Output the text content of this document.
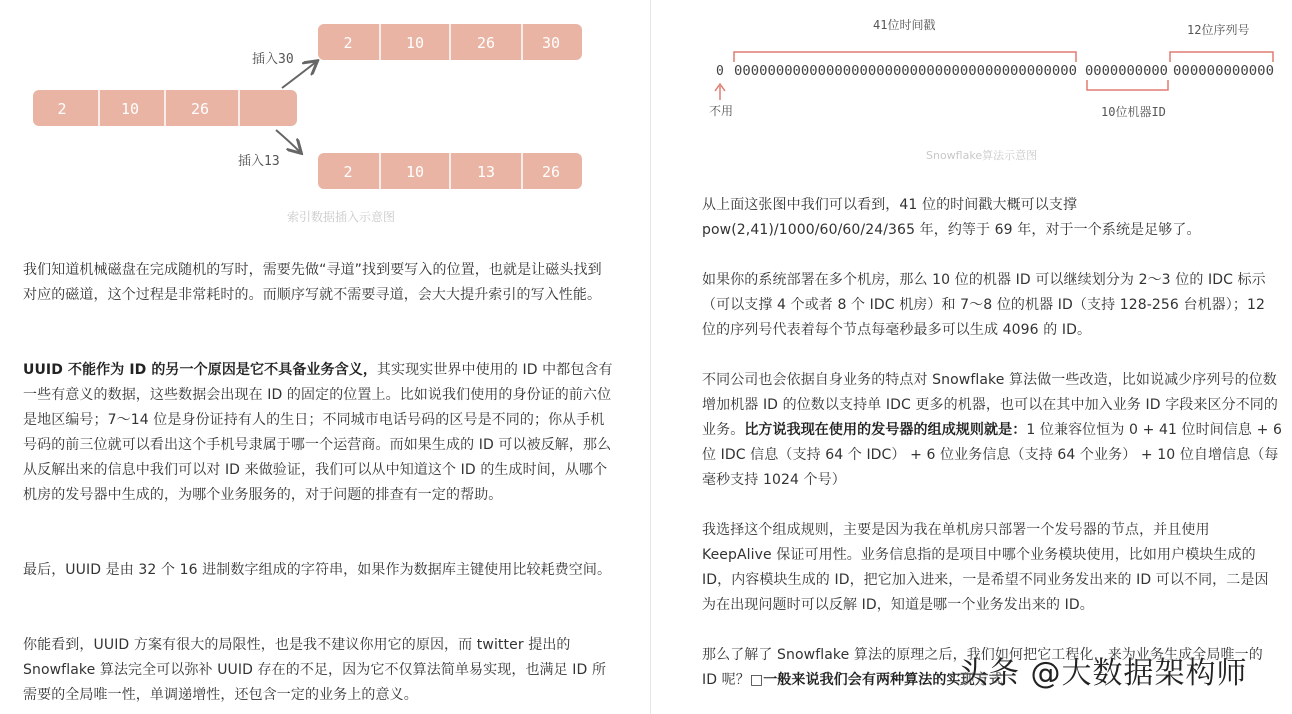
2	10	26
2	10	26	30
2	10	13	26
插入30
插入13
索引数据插入示意图

我们知道机械磁盘在完成随机的写时，需要先做“寻道”找到要写入的位置，也就是让磁头找到对应的磁道，这个过程是非常耗时的。而顺序写就不需要寻道，会大大提升索引的写入性能。

UUID 不能作为 ID 的另一个原因是它不具备业务含义，其实现实世界中使用的 ID 中都包含有一些有意义的数据，这些数据会出现在 ID 的固定的位置上。比如说我们使用的身份证的前六位是地区编号；7～14 位是身份证持有人的生日；不同城市电话号码的区号是不同的；你从手机号码的前三位就可以看出这个手机号隶属于哪一个运营商。而如果生成的 ID 可以被反解，那么从反解出来的信息中我们可以对 ID 来做验证，我们可以从中知道这个 ID 的生成时间，从哪个机房的发号器中生成的，为哪个业务服务的，对于问题的排查有一定的帮助。

最后，UUID 是由 32 个 16 进制数字组成的字符串，如果作为数据库主键使用比较耗费空间。

你能看到，UUID 方案有很大的局限性，也是我不建议你用它的原因，而 twitter 提出的 Snowflake 算法完全可以弥补 UUID 存在的不足，因为它不仅算法简单易实现，也满足 ID 所需要的全局唯一性，单调递增性，还包含一定的业务上的意义。

41位时间戳	12位序列号
0 00000000000000000000000000000000000000000 0000000000 000000000000
不用	10位机器ID
Snowflake算法示意图

从上面这张图中我们可以看到，41 位的时间戳大概可以支撑 pow(2,41)/1000/60/60/24/365 年，约等于 69 年，对于一个系统是足够了。

如果你的系统部署在多个机房，那么 10 位的机器 ID 可以继续划分为 2～3 位的 IDC 标示（可以支撑 4 个或者 8 个 IDC 机房）和 7～8 位的机器 ID（支持 128-256 台机器）；12 位的序列号代表着每个节点每毫秒最多可以生成 4096 的 ID。

不同公司也会依据自身业务的特点对 Snowflake 算法做一些改造，比如说减少序列号的位数增加机器 ID 的位数以支持单 IDC 更多的机器，也可以在其中加入业务 ID 字段来区分不同的业务。比方说我现在使用的发号器的组成规则就是：1 位兼容位恒为 0 + 41 位时间信息 + 6 位 IDC 信息（支持 64 个 IDC） + 6 位业务信息（支持 64 个业务） + 10 位自增信息（每毫秒支持 1024 个号）

我选择这个组成规则，主要是因为我在单机房只部署一个发号器的节点，并且使用 KeepAlive 保证可用性。业务信息指的是项目中哪个业务模块使用，比如用户模块生成的 ID，内容模块生成的 ID，把它加入进来，一是希望不同业务发出来的 ID 可以不同，二是因为在出现问题时可以反解 ID，知道是哪一个业务发出来的 ID。

那么了解了 Snowflake 算法的原理之后，我们如何把它工程化，来为业务生成全局唯一的 ID 呢？□一般来说我们会有两种算法的实现方式

头条 @大数据架构师
